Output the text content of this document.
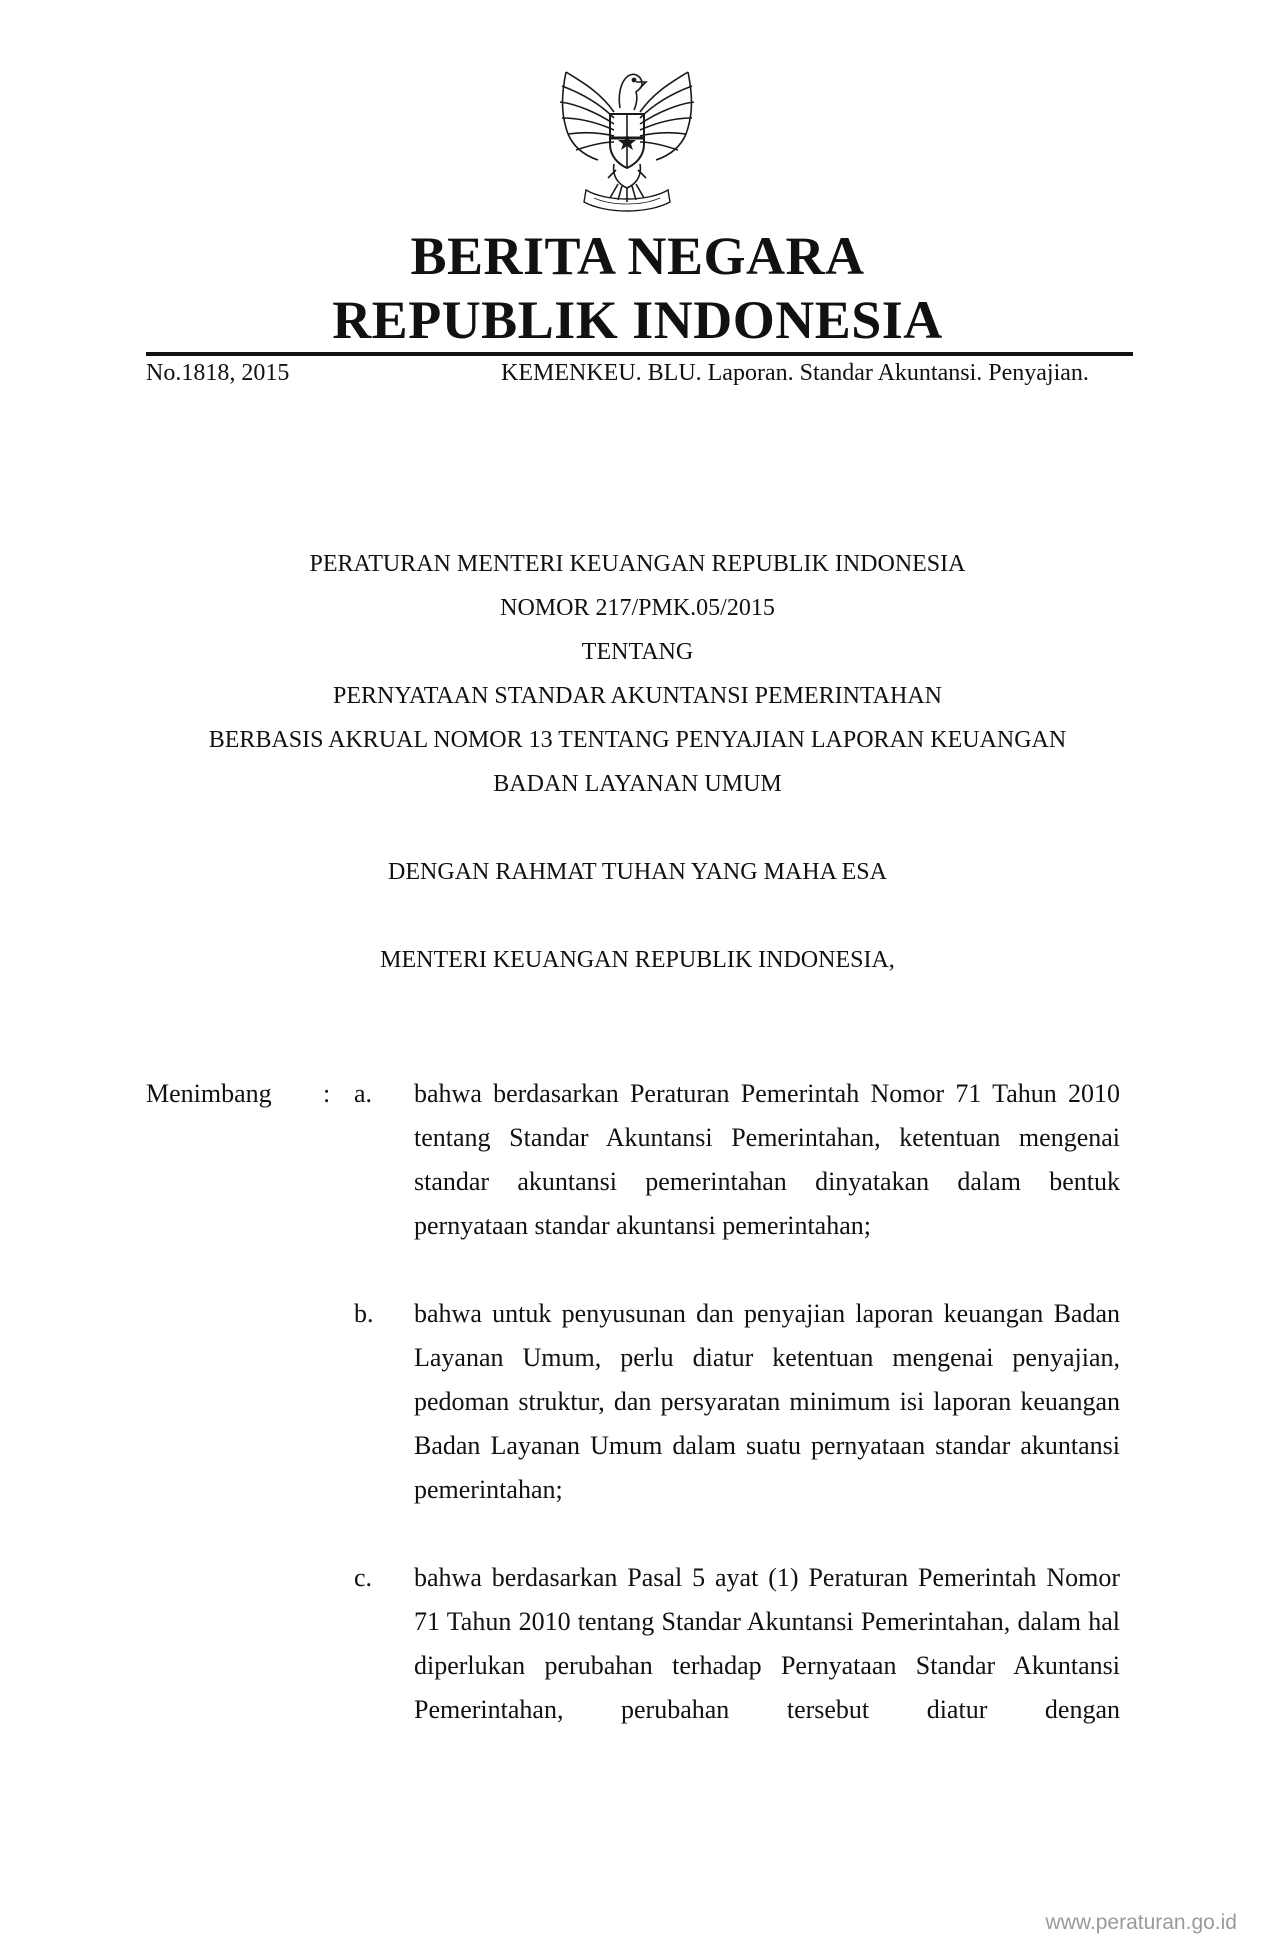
BERITA NEGARA
REPUBLIK INDONESIA
No.1818, 2015	KEMENKEU. BLU. Laporan. Standar Akuntansi. Penyajian.
PERATURAN MENTERI KEUANGAN REPUBLIK INDONESIA
NOMOR 217/PMK.05/2015
TENTANG
PERNYATAAN STANDAR AKUNTANSI PEMERINTAHAN
BERBASIS AKRUAL NOMOR 13 TENTANG PENYAJIAN LAPORAN KEUANGAN
BADAN LAYANAN UMUM
DENGAN RAHMAT TUHAN YANG MAHA ESA
MENTERI KEUANGAN REPUBLIK INDONESIA,
Menimbang : a. bahwa berdasarkan Peraturan Pemerintah Nomor 71 Tahun 2010 tentang Standar Akuntansi Pemerintahan, ketentuan mengenai standar akuntansi pemerintahan dinyatakan dalam bentuk pernyataan standar akuntansi pemerintahan;
b. bahwa untuk penyusunan dan penyajian laporan keuangan Badan Layanan Umum, perlu diatur ketentuan mengenai penyajian, pedoman struktur, dan persyaratan minimum isi laporan keuangan Badan Layanan Umum dalam suatu pernyataan standar akuntansi pemerintahan;
c. bahwa berdasarkan Pasal 5 ayat (1) Peraturan Pemerintah Nomor 71 Tahun 2010 tentang Standar Akuntansi Pemerintahan, dalam hal diperlukan perubahan terhadap Pernyataan Standar Akuntansi Pemerintahan, perubahan tersebut diatur dengan
www.peraturan.go.id
